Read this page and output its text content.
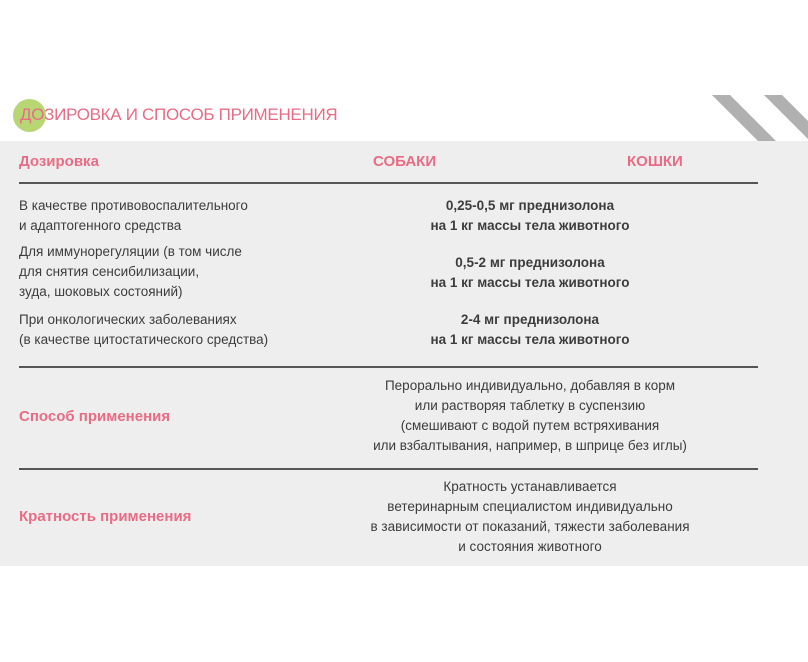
ДОЗИРОВКА И СПОСОБ ПРИМЕНЕНИЯ
Дозировка	СОБАКИ	КОШКИ
В качестве противовоспалительного
и адаптогенного средства
0,25-0,5 мг преднизолона
на 1 кг массы тела животного
Для иммунорегуляции (в том числе
для снятия сенсибилизации,
зуда, шоковых состояний)
0,5-2 мг преднизолона
на 1 кг массы тела животного
При онкологических заболеваниях
(в качестве цитостатического средства)
2-4 мг преднизолона
на 1 кг массы тела животного
Способ применения
Перорально индивидуально, добавляя в корм
или растворяя таблетку в суспензию
(смешивают с водой путем встряхивания
или взбалтывания, например, в шприце без иглы)
Кратность применения
Кратность устанавливается
ветеринарным специалистом индивидуально
в зависимости от показаний, тяжести заболевания
и состояния животного
